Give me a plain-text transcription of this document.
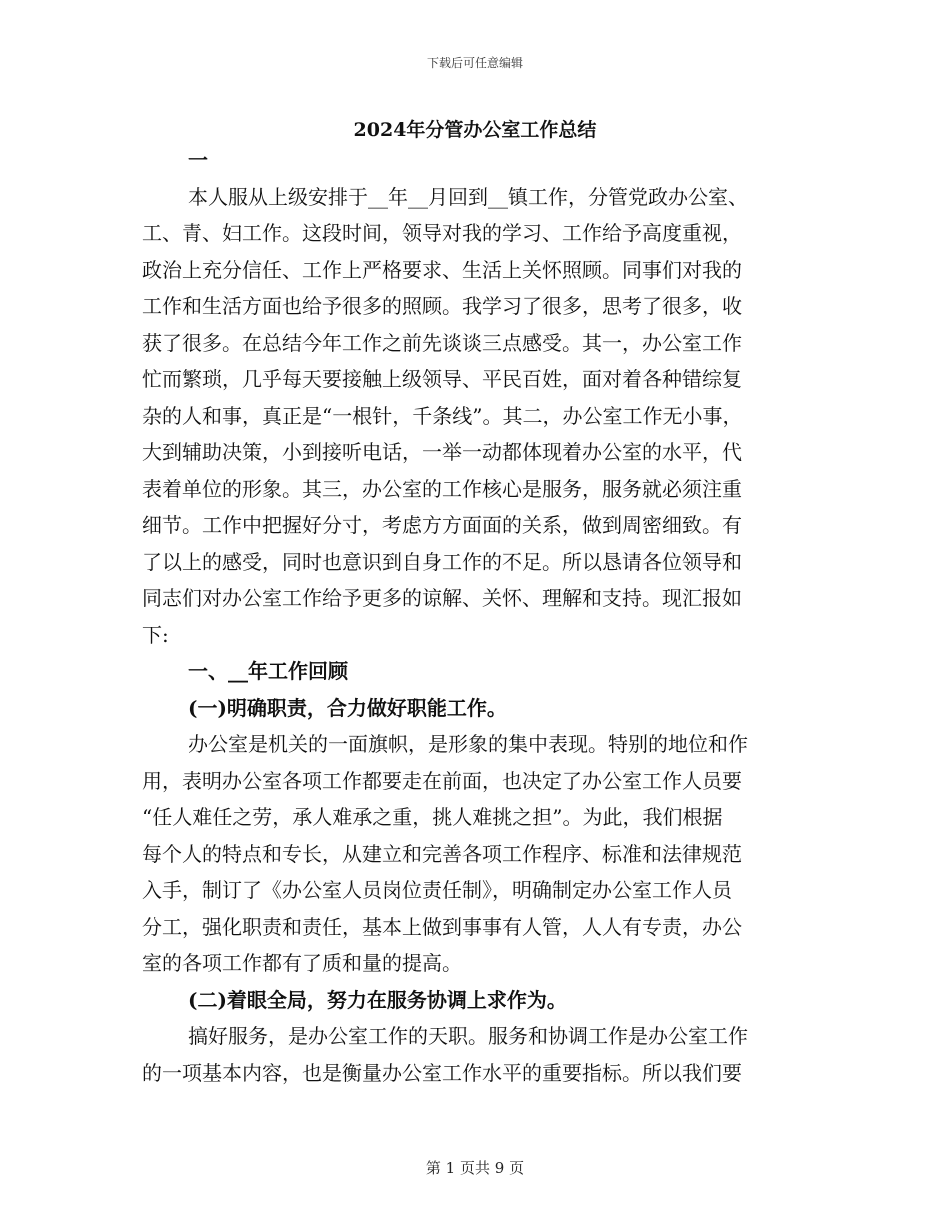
下载后可任意编辑
2024年分管办公室工作总结
一
本人服从上级安排于__年__月回到__镇工作，分管党政办公室、
工、青、妇工作。这段时间，领导对我的学习、工作给予高度重视，
政治上充分信任、工作上严格要求、生活上关怀照顾。同事们对我的
工作和生活方面也给予很多的照顾。我学习了很多，思考了很多，收
获了很多。在总结今年工作之前先谈谈三点感受。其一，办公室工作
忙而繁琐，几乎每天要接触上级领导、平民百姓，面对着各种错综复
杂的人和事，真正是“一根针，千条线”。其二，办公室工作无小事，
大到辅助决策，小到接听电话，一举一动都体现着办公室的水平，代
表着单位的形象。其三，办公室的工作核心是服务，服务就必须注重
细节。工作中把握好分寸，考虑方方面面的关系，做到周密细致。有
了以上的感受，同时也意识到自身工作的不足。所以恳请各位领导和
同志们对办公室工作给予更多的谅解、关怀、理解和支持。现汇报如
下:
一、__年工作回顾
(一)明确职责，合力做好职能工作。
办公室是机关的一面旗帜，是形象的集中表现。特别的地位和作
用，表明办公室各项工作都要走在前面，也决定了办公室工作人员要
“任人难任之劳，承人难承之重，挑人难挑之担”。为此，我们根据
每个人的特点和专长，从建立和完善各项工作程序、标准和法律规范
入手，制订了《办公室人员岗位责任制》，明确制定办公室工作人员
分工，强化职责和责任，基本上做到事事有人管，人人有专责，办公
室的各项工作都有了质和量的提高。
(二)着眼全局，努力在服务协调上求作为。
搞好服务，是办公室工作的天职。服务和协调工作是办公室工作
的一项基本内容，也是衡量办公室工作水平的重要指标。所以我们要
第 1 页共 9 页
